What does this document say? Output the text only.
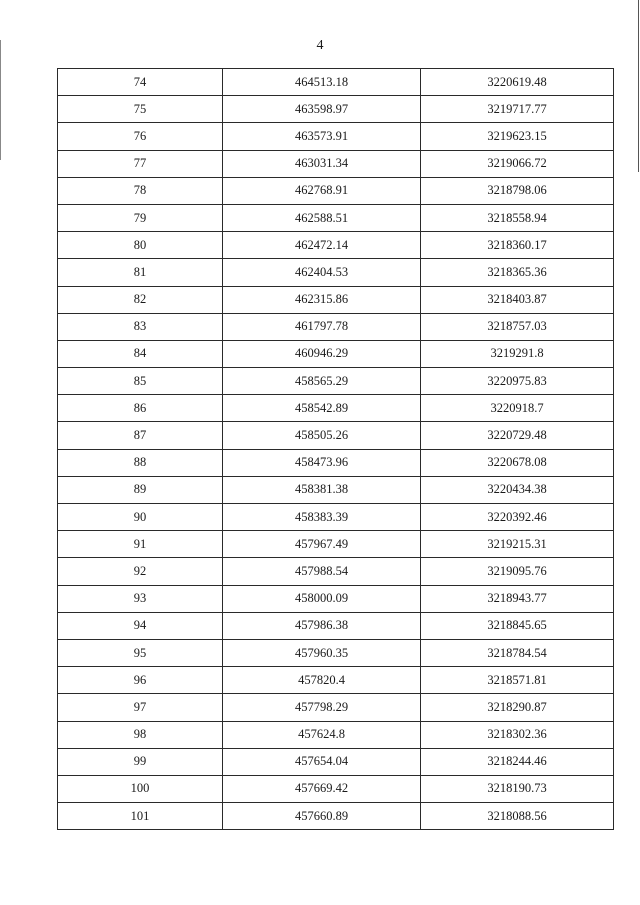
4
74	464513.18	3220619.48
75	463598.97	3219717.77
76	463573.91	3219623.15
77	463031.34	3219066.72
78	462768.91	3218798.06
79	462588.51	3218558.94
80	462472.14	3218360.17
81	462404.53	3218365.36
82	462315.86	3218403.87
83	461797.78	3218757.03
84	460946.29	3219291.8
85	458565.29	3220975.83
86	458542.89	3220918.7
87	458505.26	3220729.48
88	458473.96	3220678.08
89	458381.38	3220434.38
90	458383.39	3220392.46
91	457967.49	3219215.31
92	457988.54	3219095.76
93	458000.09	3218943.77
94	457986.38	3218845.65
95	457960.35	3218784.54
96	457820.4	3218571.81
97	457798.29	3218290.87
98	457624.8	3218302.36
99	457654.04	3218244.46
100	457669.42	3218190.73
101	457660.89	3218088.56
